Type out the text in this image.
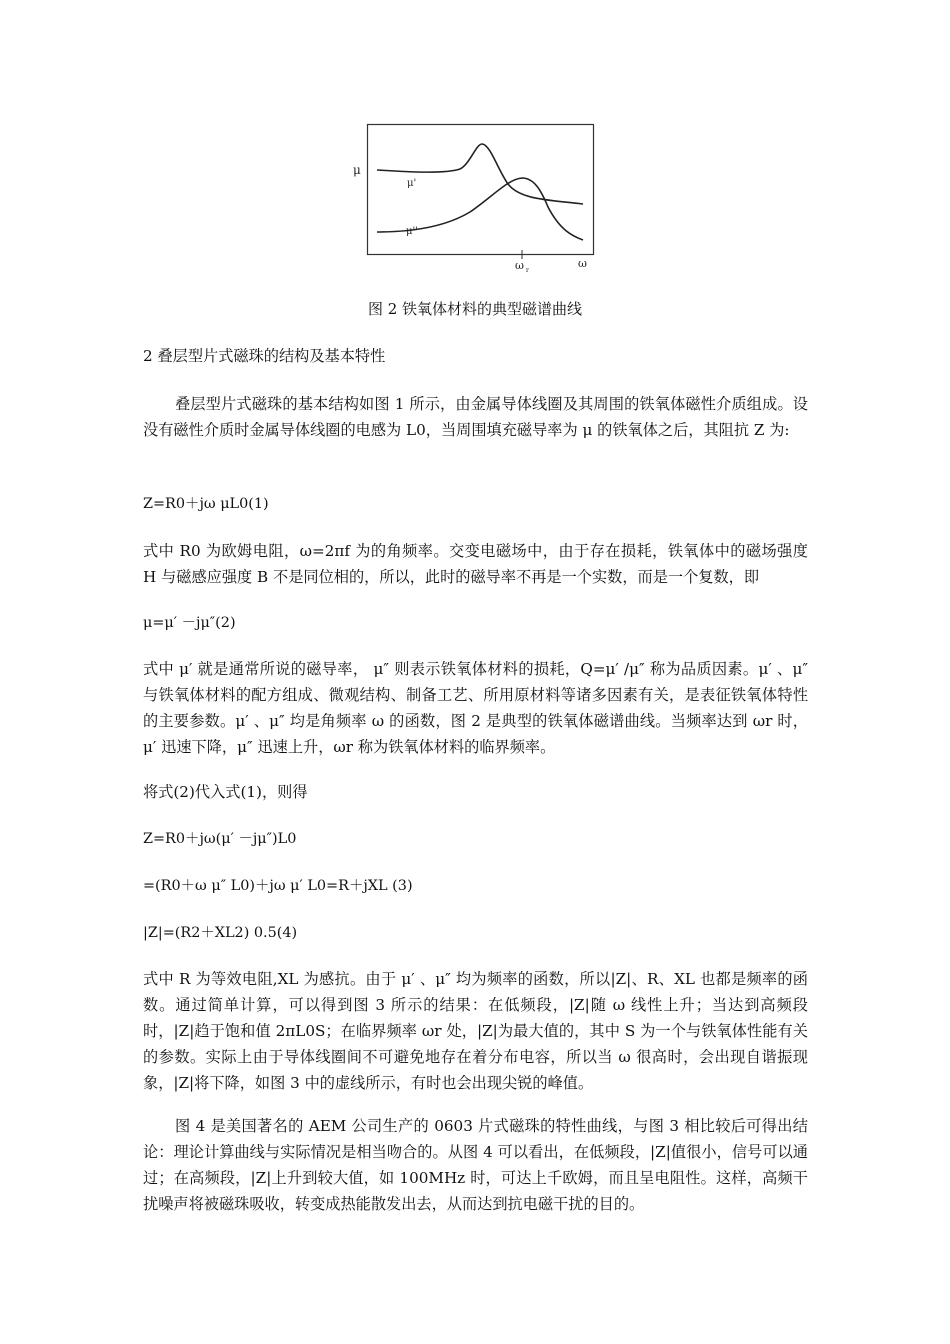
μ
μ'
μ''
ω r
ω
图 2 铁氧体材料的典型磁谱曲线

2 叠层型片式磁珠的结构及基本特性

叠层型片式磁珠的基本结构如图 1 所示，由金属导体线圈及其周围的铁氧体磁性介质组成。设没有磁性介质时金属导体线圈的电感为 L0，当周围填充磁导率为 μ 的铁氧体之后，其阻抗 Z 为:

Z=R0＋jω μL0(1)

式中 R0 为欧姆电阻，ω=2πf 为的角频率。交变电磁场中，由于存在损耗，铁氧体中的磁场强度 H 与磁感应强度 B 不是同位相的，所以，此时的磁导率不再是一个实数，而是一个复数，即

μ=μ′ －jμ″(2)

式中 μ′ 就是通常所说的磁导率， μ″ 则表示铁氧体材料的损耗，Q=μ′ /μ″ 称为品质因素。μ′ 、μ″ 与铁氧体材料的配方组成、微观结构、制备工艺、所用原材料等诸多因素有关，是表征铁氧体特性的主要参数。μ′ 、μ″ 均是角频率 ω 的函数，图 2 是典型的铁氧体磁谱曲线。当频率达到 ωr 时，μ′ 迅速下降，μ″ 迅速上升，ωr 称为铁氧体材料的临界频率。

将式(2)代入式(1)，则得

Z=R0＋jω(μ′ －jμ″)L0

=(R0＋ω μ″ L0)＋jω μ′ L0=R＋jXL (3)

|Z|=(R2＋XL2) 0.5(4)

式中 R 为等效电阻,XL 为感抗。由于 μ′ 、μ″ 均为频率的函数，所以|Z|、R、XL 也都是频率的函数。通过简单计算，可以得到图 3 所示的结果：在低频段，|Z|随 ω 线性上升；当达到高频段时，|Z|趋于饱和值 2πL0S；在临界频率 ωr 处，|Z|为最大值的，其中 S 为一个与铁氧体性能有关的参数。实际上由于导体线圈间不可避免地存在着分布电容，所以当 ω 很高时，会出现自谐振现象，|Z|将下降，如图 3 中的虚线所示，有时也会出现尖锐的峰值。

图 4 是美国著名的 AEM 公司生产的 0603 片式磁珠的特性曲线，与图 3 相比较后可得出结论：理论计算曲线与实际情况是相当吻合的。从图 4 可以看出，在低频段，|Z|值很小，信号可以通过；在高频段，|Z|上升到较大值，如 100MHz 时，可达上千欧姆，而且呈电阻性。这样，高频干扰噪声将被磁珠吸收，转变成热能散发出去，从而达到抗电磁干扰的目的。
